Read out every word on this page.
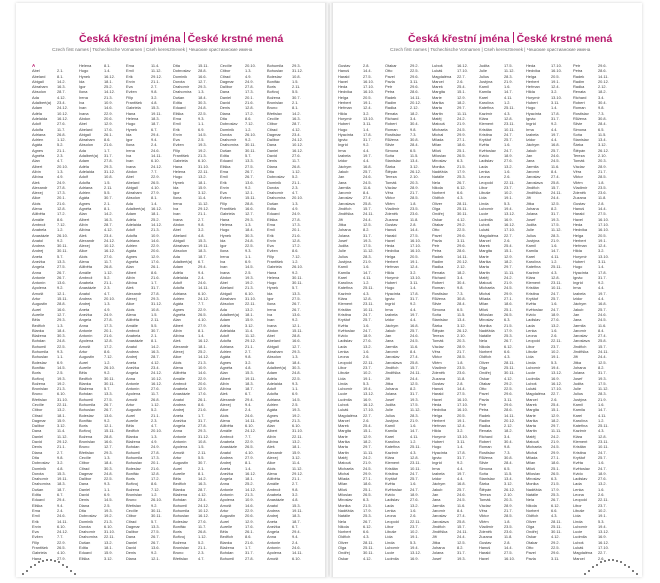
Česká křestní jména České krstné mená
Czech first names | Tschechische Vornamen | Cseh keresztnevek | Чешские христианские имена
A
Abel	2.1.
Abelard	8.1.
Abigail	14.2.
Abraham 16.3.
Absolon	28.7.
Ada	4.12.
Adalbert(a) 23.4.
Adam	24.12.
Adéla	10.12.
Adelaida	16.12.
Adolf	27.6.
Adolfa	11.7.
Adriana	26.8.
Adrien	1.12.
Agáta	5.2.
Agnes	21.1.
Agnéta	2.3.
Alan	4.7.
Albert	20.10.
Albín	1.3.
Albína	4.9.
Aleš	24.9.
Alexandr 27.8.
Alexej	17.3.
Alice	20.1.
Alois	21.6.
Alena	12.8.
Alžběta	17.2.
Amálie	8.6.
Ambrož	7.12.
Anabela	1.2.
Anastázie 26.10.
Anatol	9.2.
Andrea	30.11.
Andrej	30.11.
Aneta	5.7.
Anežka	13.3.
Angela	27.5.
Anna	26.7.
Antonie	26.7.
Antonín	13.6.
Apolena	9.2.
Arnošt	12.1.
Artur	15.11.
Augustin	28.8.
Aurel	16.6.
Aurelie	12.7.
Běla	29.3.
Bedřich	1.3.
Blanka	18.4.
Blažena	30.3.
Bohdan	24.8.
Bohumil	22.5.
Bohumila 9.3.
Bohuslav 1.1.
Boleslav	6.9.
Bonifác	14.5.
Boris	2.5.
Bořivoj	19.3.
Božena	19.2.
Bronislav 21.3.
Bruno	6.10.
Břetislav	31.10.
Cecílie	22.11.
Ctibor	13.2.
Ctirad	18.1.
Dagmar	15.9.
Dalibor	3.12.
Dana	11.4.
Daniel	11.12.
David	29.12.
Denis	21.1.
Diana	2.7.
Dita	9.8.
Dobroslav 3.2.
Dominik	4.8.
Dorota	15.3.
Drahomír 19.11.
Drahomíra 18.3.
Dušan	18.7.
Edita	6.7.
Eduard	29.4.
Eliška	9.4.
Ema	2.4.
Emil	24.6.
Erik	14.11.
Ervín	6.10.
Eva	24.12.
Evžen	7.7.
Filip	22.9.
František 26.5.
Gabriela	4.10.
Hana	27.9.
Helena	8.1.
Hugo	1.4.
Hynek	16.12.
Ida	18.1.
Igor	25.2.
Ilona	14.12.
Irena	21.3.
Iva	10.9.
Ivan	14.6.
Ivana	22.9.
Abdon	20.6.
Abel	12.9.
Abelard	17.6.
Abigail	26.1.
Abraham 8.6.
Absolon	21.6.
Ada	1.7.
Adalbert(a) 31.7.
Adam	27.8.
Adéla	29.3.
Adelaida	31.12.
Adolf	10.8.
Adolfa	1.5.
Adriana	2.11.
Adrien	5.5.
Agáta	30.7.
Agnes	2.1.
Agnéta	8.1.
Alan	14.2.
Albert	16.3.
Albín	28.7.
Albína	4.12.
Aleš	23.4.
Alexandr 24.12.
Alexej	10.12.
Alice	16.12.
Alois	27.6.
Alena	11.7.
Alžběta	26.8.
Amálie	1.12.
Ambrož	5.2.
Anabela	21.1.
Anastázie 2.3.
Anatol	4.7.
Andrea	20.10.
Andrej	1.3.
Aneta	4.9.
Anežka	24.9.
Angela	27.8.
Anna	17.3.
Antonie	20.1.
Antonín	21.6.
Apolena	12.8.
Arnošt	17.2.
Artur	8.6.
Augustin	7.12.
Aurel	1.2.
Aurelie	26.10.
Běla	9.2.
Bedřich	30.11.
Blanka	30.11.
Blažena	5.7.
Bohdan	13.3.
Bohumil	27.5.
Bohumila 26.7.
Bohuslav 26.7.
Boleslav	13.6.
Bonifác	9.2.
Boris	12.1.
Bořivoj	15.11.
Božena	28.8.
Bronislav 16.6.
Bruno	12.7.
Břetislav	29.3.
Cecílie	1.3.
Ctibor	18.4.
Ctirad	30.3.
Dagmar	24.8.
Dalibor	22.5.
Dana	9.3.
Daniel	1.1.
David	6.9.
Denis	14.5.
Diana	2.5.
Dita	19.3.
Dobroslav 19.2.
Dominik	21.3.
Dorota	6.10.
Drahomír 31.10.
Drahomíra 22.11.
Dušan	13.2.
Edita	18.1.
Eduard	15.9.
Eliška	3.12.
Ema	11.4.
Emil	11.12.
Erik	29.12.
Ervín	21.1.
Eva	2.7.
Evžen	9.8.
Filip	3.2.
František 4.8.
Gabriela	15.3.
Hana	19.11.
Helena	18.3.
Hugo	18.7.
Hynek	6.7.
Ida	29.4.
Igor	9.4.
Ilona	2.4.
Irena	24.6.
Iva	14.11.
Ivan	6.10.
Ivana	24.12.
Abdon	7.7.
Abel	22.9.
Abelard	26.5.
Abigail	4.10.
Abraham 27.9.
Absolon	8.1.
Ada	1.4.
Adalbert(a) 16.12.
Adam	18.1.
Adéla	25.2.
Adelaida	14.12.
Adolf	21.3.
Adolfa	10.9.
Adriana	14.6.
Adrien	22.9.
Agáta	20.6.
Agnes	12.9.
Agnéta	17.6.
Alan	26.1.
Albert	8.6.
Albín	21.6.
Albína	1.7.
Aleš	31.7.
Alexandr 27.8.
Alexej	29.3.
Alice	31.12.
Alois	10.8.
Alena	1.5.
Alžběta	2.11.
Amálie	5.5.
Ambrož	30.7.
Anabela	2.1.
Anastázie 8.1.
Anatol	14.2.
Andrea	16.3.
Andrej	28.7.
Aneta	4.12.
Anežka	23.4.
Angela	24.12.
Anna	10.12.
Antonie	16.12.
Antonín	27.6.
Apolena	11.7.
Arnošt	26.8.
Artur	1.12.
Augustin	5.2.
Aurel	21.1.
Aurelie	2.3.
Běla	4.7.
Bedřich	20.10.
Blanka	1.3.
Blažena	4.9.
Bohdan	24.9.
Bohumil	27.8.
Bohumila 17.3.
Bohuslav 20.1.
Boleslav	21.6.
Bonifác	12.8.
Boris	17.2.
Bořivoj	8.6.
Božena	7.12.
Bronislav 1.2.
Bruno	26.10.
Břetislav	9.2.
Cecílie	30.11.
Ctibor	30.11.
Ctirad	5.7.
Dagmar	13.3.
Dalibor	27.5.
Dana	26.7.
Daniel	26.7.
David	13.6.
Denis	9.2.
Diana	12.1.
Dita	15.11.
Dobroslav 28.8.
Dominik	16.6.
Dorota	12.7.
Drahomír 29.3.
Drahomíra 1.3.
Dušan	18.4.
Edita	30.3.
Eduard	24.8.
Eliška	22.5.
Ema	9.3.
Emil	1.1.
Erik	6.9.
Ervín	14.5.
Eva	2.5.
Evžen	19.3.
Filip	19.2.
František 21.3.
Gabriela	6.10.
Hana	31.10.
Helena	22.11.
Hugo	13.2.
Hynek	18.1.
Ida	15.9.
Igor	3.12.
Ilona	11.4.
Irena	11.12.
Iva	29.12.
Ivan	21.1.
Ivana	2.7.
Abdon	9.8.
Abel	3.2.
Abelard	4.8.
Abigail	15.3.
Abraham 19.11.
Absolon	18.3.
Ada	18.7.
Adalbert(a) 6.7.
Adam	29.4.
Adéla	9.4.
Adelaida	2.4.
Adolf	24.6.
Adolfa	14.11.
Adriana	6.10.
Adrien	24.12.
Agáta	7.7.
Agnes	22.9.
Agnéta	26.5.
Alan	4.10.
Albert	27.9.
Albín	8.1.
Albína	1.4.
Aleš	16.12.
Alexandr 18.1.
Alexej	25.2.
Alice	14.12.
Alois	21.3.
Alena	10.9.
Alžběta	14.6.
Amálie	22.9.
Ambrož	20.6.
Anabela	12.9.
Anastázie 17.6.
Anatol	26.1.
Andrea	8.6.
Andrej	21.6.
Aneta	1.7.
Anežka	31.7.
Angela	27.8.
Anna	29.3.
Antonie	31.12.
Antonín	10.8.
Apolena	1.5.
Arnošt	2.11.
Artur	5.5.
Augustin	30.7.
Aurel	2.1.
Aurelie	8.1.
Běla	14.2.
Bedřich	16.3.
Blanka	28.7.
Blažena	4.12.
Bohdan	23.4.
Bohumil	24.12.
Bohumila 10.12.
Bohuslav 16.12.
Boleslav	27.6.
Bonifác	11.7.
Boris	26.8.
Bořivoj	1.12.
Božena	5.2.
Bronislav 21.1.
Bruno	2.3.
Břetislav	4.7.
Cecílie	20.10.
Ctibor	1.3.
Ctirad	4.9.
Dagmar	24.9.
Dalibor	27.8.
Dana	17.3.
Daniel	20.1.
David	21.6.
Denis	12.8.
Diana	17.2.
Dita	8.6.
Dobroslav 7.12.
Dominik	1.2.
Dorota	26.10.
Drahomír 9.2.
Drahomíra 30.11.
Dušan	30.11.
Edita	5.7.
Eduard	13.3.
Eliška	27.5.
Ema	26.7.
Emil	26.7.
Erik	13.6.
Ervín	9.2.
Eva	12.1.
Evžen	15.11.
Filip	28.8.
František 16.6.
Gabriela	12.7.
Hana	29.3.
Helena	1.3.
Hugo	18.4.
Hynek	30.3.
Ida	24.8.
Igor	22.5.
Ilona	9.3.
Irena	1.1.
Iva	6.9.
Ivan	14.5.
Ivana	2.5.
Abdon	19.3.
Abel	19.2.
Abelard	21.3.
Abigail	6.10.
Abraham 31.10.
Absolon	22.11.
Ada	13.2.
Adalbert(a) 18.1.
Adam	15.9.
Adéla	3.12.
Adelaida	11.4.
Adolf	11.12.
Adolfa	29.12.
Adriana	21.1.
Adrien	2.7.
Agáta	9.8.
Agnes	3.2.
Agnéta	4.8.
Alan	15.3.
Albert	19.11.
Albín	18.3.
Albína	18.7.
Aleš	6.7.
Alexandr 29.4.
Alexej	9.4.
Alice	2.4.
Alois	24.6.
Alena	14.11.
Alžběta	6.10.
Amálie	24.12.
Ambrož	7.7.
Anabela	22.9.
Anastázie 26.5.
Anatol	4.10.
Andrea	27.9.
Andrej	8.1.
Aneta	1.4.
Anežka	16.12.
Angela	18.1.
Anna	25.2.
Antonie	14.12.
Antonín	21.3.
Apolena	10.9.
Arnošt	14.6.
Artur	22.9.
Augustin	20.6.
Aurel	12.9.
Aurelie	17.6.
Běla	26.1.
Bedřich	8.6.
Blanka	21.6.
Blažena	1.7.
Bohdan	31.7.
Bohumil	27.8.
Bohumila 29.3.
Bohuslav 31.12.
Boleslav	10.8.
Bonifác	1.5.
Boris	2.11.
Bořivoj	5.5.
Božena	30.7.
Bronislav 2.1.
Bruno	8.1.
Břetislav	14.2.
Cecílie	16.3.
Ctibor	28.7.
Ctirad	4.12.
Dagmar	23.4.
Dalibor	24.12.
Dana	10.12.
Daniel	16.12.
David	27.6.
Denis	11.7.
Diana	26.8.
Dita	1.12.
Dobroslav 5.2.
Dominik	21.1.
Dorota	2.3.
Drahomír 4.7.
Drahomíra 20.10.
Dušan	1.3.
Edita	4.9.
Eduard	24.9.
Eliška	27.8.
Ema	17.3.
Emil	20.1.
Erik	21.6.
Ervín	12.8.
Eva	17.2.
Evžen	8.6.
Filip	7.12.
František 1.2.
Gabriela	26.10.
Hana	9.2.
Helena	30.11.
Hugo	30.11.
Hynek	5.7.
Ida	13.3.
Igor	27.5.
Ilona	26.7.
Irena	26.7.
Iva	13.6.
Ivan	9.2.
Ivana	12.1.
Abdon	15.11.
Abel	28.8.
Abelard	16.6.
Abigail	12.7.
Abraham 29.3.
Absolon	1.3.
Ada	18.4.
Adalbert(a) 30.3.
Adam	24.8.
Adéla	22.5.
Adelaida	9.3.
Adolf	1.1.
Adolfa	6.9.
Adriana	14.5.
Adrien	2.5.
Agáta	19.3.
Agnes	19.2.
Agnéta	21.3.
Alan	6.10.
Albert	31.10.
Albín	22.11.
Albína	13.2.
Aleš	18.1.
Alexandr 15.9.
Alexej	3.12.
Alice	11.4.
Alois	11.12.
Alena	29.12.
Alžběta	21.1.
Amálie	2.7.
Ambrož	9.8.
Anabela	3.2.
Anastázie 4.8.
Anatol	15.3.
Andrea	19.11.
Andrej	18.3.
Aneta	18.7.
Anežka	6.7.
Angela	29.4.
Anna	9.4.
Antonie	2.4.
Antonín	24.6.
Apolena	14.11.
Arnošt	6.10.
Česká křestní jména České krstné mená
Czech first names | Tschechische Vornamen | Cseh keresztnevek | Чешские христианские имена
Gustav	2.8.
Hanuš	14.4.
Harald	27.5.
Havel	16.10.
Heda	17.10.
Hedvika	16.10.
Helga	20.5.
Herbert	19.1.
Heřman	12.4.
Hilda	3.2.
Horymír	13.10.
Hubert	3.11.
Hugo	1.4.
Hyacinta	17.8.
Ignác	31.7.
Ingrid	9.2.
Irma	4.4.
Izabela	19.7.
Izidor	4.4.
Jáchym	16.8.
Jakub	25.7.
Jan	24.6.
Jana	24.5.
Jarmila	11.6.
Jaromír	8.4.
Jaroslav	27.4.
Jaroslava 25.8.
Jindřich	15.7.
Jindřiška 24.11.
Jiří	24.4.
Jitka	12.5.
Johana	8.2.
Jolana	31.7.
Josef	19.3.
Judita	17.5.
Julie	11.12.
Julius	28.3.
Justýna	21.9.
Kamil	1.6.
Kamila	14.7.
Karel	4.11.
Karolína	1.2.
Kateřina	25.11.
Kazimír	4.3.
Klára	12.8.
Klement	23.11.
Kristián	10.11.
Kristina	24.7.
Kryštof	25.7.
Květa	1.6.
Květoslav 24.7.
Kvido	18.9.
Ladislav	27.6.
Lada	13.2.
Lenka	1.6.
Leona	2.6.
Leopold	22.11.
Libor	23.7.
Libuše	10.2.
Lída	19.1.
Linda	5.3.
Lubomír	19.4.
Lucie	13.12.
Ludmila	16.9.
Luboš	16.12.
Lukáš	17.10.
Magdaléna 22.7.
Marcel	2.6.
Marek	25.4.
Margita	15.1.
Marie	12.9.
Marika	18.2.
Marta	29.7.
Martin	11.11.
Matěj	24.2.
Matouš	21.9.
Michaela 24.5.
Michal	29.9.
Milada	27.1.
Milan	18.6.
Miloš	25.1.
Miloslav	26.5.
Miroslav	6.3.
Monika	21.5.
Naděžda 17.9.
Natálie	25.3.
Nela	26.7.
Nikola	6.12.
Norbert	6.6.
Oldřich	4.3.
Oliver	28.11.
Olga	25.11.
Ondřej	30.11.
Oskar	4.12.
Otakar	29.2.
Otto	22.5.
Pavel	29.6.
Pavla	3.11.
Petr	29.6.
Petra	28.6.
Radek	14.11.
Radim	20.12.
Radka	2.12.
Renata	18.2.
Richard	3.4.
Robert	30.4.
Roman	9.8.
Rostislav 7.3.
Růžena	30.8.
Silvie	28.4.
Simona	6.5.
Soňa	11.5.
Stanislav 13.4.
Šárka	3.12.
Štěpán	26.12.
Tereza	2.10.
Tomáš	20.3.
Václav	28.9.
Věra	21.7.
Viktor	28.5.
Vilém	1.8.
Vladimír	23.5.
Zdeněk	23.6.
Zuzana	11.8.
Gustav	2.8.
Hanuš	14.4.
Harald	27.5.
Havel	16.10.
Heda	17.10.
Hedvika	16.10.
Helga	20.5.
Herbert	19.1.
Heřman	12.4.
Hilda	3.2.
Horymír	13.10.
Hubert	3.11.
Hugo	1.4.
Hyacinta	17.8.
Ignác	31.7.
Ingrid	9.2.
Irma	4.4.
Izabela	19.7.
Izidor	4.4.
Jáchym	16.8.
Jakub	25.7.
Jan	24.6.
Jana	24.5.
Jarmila	11.6.
Jaromír	8.4.
Jaroslav	27.4.
Jaroslava 25.8.
Jindřich	15.7.
Jindřiška 24.11.
Jiří	24.4.
Jitka	12.5.
Johana	8.2.
Jolana	31.7.
Josef	19.3.
Judita	17.5.
Julie	11.12.
Julius	28.3.
Justýna	21.9.
Kamil	1.6.
Kamila	14.7.
Karel	4.11.
Karolína	1.2.
Kateřina	25.11.
Kazimír	4.3.
Klára	12.8.
Klement	23.11.
Kristián	10.11.
Kristina	24.7.
Kryštof	25.7.
Květa	1.6.
Květoslav 24.7.
Kvido	18.9.
Ladislav	27.6.
Lada	13.2.
Lenka	1.6.
Leona	2.6.
Leopold	22.11.
Libor	23.7.
Libuše	10.2.
Lída	19.1.
Linda	5.3.
Lubomír	19.4.
Lucie	13.12.
Ludmila	16.9.
Luboš	16.12.
Lukáš	17.10.
Magdaléna 22.7.
Marcel	2.6.
Marek	25.4.
Margita	15.1.
Marie	12.9.
Marika	18.2.
Marta	29.7.
Martin	11.11.
Matěj	24.2.
Matouš	21.9.
Michaela 24.5.
Michal	29.9.
Milada	27.1.
Milan	18.6.
Miloš	25.1.
Miloslav	26.5.
Miroslav	6.3.
Monika	21.5.
Naděžda 17.9.
Natálie	25.3.
Nela	26.7.
Nikola	6.12.
Norbert	6.6.
Oldřich	4.3.
Oliver	28.11.
Olga	25.11.
Ondřej	30.11.
Oskar	4.12.
Otakar	29.2.
Otto	22.5.
Pavel	29.6.
Pavla	3.11.
Petr	29.6.
Petra	28.6.
Radek	14.11.
Radim	20.12.
Radka	2.12.
Renata	18.2.
Richard	3.4.
Robert	30.4.
Roman	9.8.
Rostislav 7.3.
Růžena	30.8.
Silvie	28.4.
Simona	6.5.
Soňa	11.5.
Stanislav 13.4.
Šárka	3.12.
Štěpán	26.12.
Tereza	2.10.
Tomáš	20.3.
Václav	28.9.
Věra	21.7.
Viktor	28.5.
Vilém	1.8.
Vladimír	23.5.
Zdeněk	23.6.
Zuzana	11.8.
Gustav	2.8.
Hanuš	14.4.
Harald	27.5.
Havel	16.10.
Heda	17.10.
Hedvika	16.10.
Helga	20.5.
Herbert	19.1.
Heřman	12.4.
Hilda	3.2.
Horymír	13.10.
Hubert	3.11.
Hugo	1.4.
Hyacinta	17.8.
Ignác	31.7.
Ingrid	9.2.
Irma	4.4.
Izabela	19.7.
Izidor	4.4.
Jáchym	16.8.
Jakub	25.7.
Jan	24.6.
Jana	24.5.
Jarmila	11.6.
Jaromír	8.4.
Jaroslav	27.4.
Jaroslava 25.8.
Jindřich	15.7.
Jindřiška 24.11.
Jiří	24.4.
Jitka	12.5.
Johana	8.2.
Jolana	31.7.
Josef	19.3.
Judita	17.5.
Julie	11.12.
Julius	28.3.
Justýna	21.9.
Kamil	1.6.
Kamila	14.7.
Karel	4.11.
Karolína	1.2.
Kateřina	25.11.
Kazimír	4.3.
Klára	12.8.
Klement	23.11.
Kristián	10.11.
Kristina	24.7.
Kryštof	25.7.
Květa	1.6.
Květoslav 24.7.
Kvido	18.9.
Ladislav	27.6.
Lada	13.2.
Lenka	1.6.
Leona	2.6.
Leopold	22.11.
Libor	23.7.
Libuše	10.2.
Lída	19.1.
Linda	5.3.
Lubomír	19.4.
Lucie	13.12.
Ludmila	16.9.
Luboš	16.12.
Lukáš	17.10.
Magdaléna 22.7.
Marcel	2.6.
Marek	25.4.
Margita	15.1.
Marie	12.9.
Marika	18.2.
Marta	29.7.
Martin	11.11.
Matěj	24.2.
Matouš	21.9.
Michaela 24.5.
Michal	29.9.
Milada	27.1.
Milan	18.6.
Miloš	25.1.
Miloslav	26.5.
Miroslav	6.3.
Monika	21.5.
Naděžda 17.9.
Natálie	25.3.
Nela	26.7.
Nikola	6.12.
Norbert	6.6.
Oldřich	4.3.
Oliver	28.11.
Olga	25.11.
Ondřej	30.11.
Oskar	4.12.
Otakar	29.2.
Otto	22.5.
Pavel	29.6.
Pavla	3.11.
Petr	29.6.
Petra	28.6.
Radek	14.11.
Radim	20.12.
Radka	2.12.
Renata	18.2.
Richard	3.4.
Robert	30.4.
Roman	9.8.
Rostislav 7.3.
Růžena	30.8.
Silvie	28.4.
Simona	6.5.
Soňa	11.5.
Stanislav 13.4.
Šárka	3.12.
Štěpán	26.12.
Tereza	2.10.
Tomáš	20.3.
Václav	28.9.
Věra	21.7.
Viktor	28.5.
Vilém	1.8.
Vladimír	23.5.
Zdeněk	23.6.
Zuzana	11.8.
Gustav	2.8.
Hanuš	14.4.
Harald	27.5.
Havel	16.10.
Heda	17.10.
Hedvika	16.10.
Helga	20.5.
Herbert	19.1.
Heřman	12.4.
Hilda	3.2.
Horymír	13.10.
Hubert	3.11.
Hugo	1.4.
Hyacinta	17.8.
Ignác	31.7.
Ingrid	9.2.
Irma	4.4.
Izabela	19.7.
Izidor	4.4.
Jáchym	16.8.
Jakub	25.7.
Jan	24.6.
Jana	24.5.
Jarmila	11.6.
Jaromír	8.4.
Jaroslav	27.4.
Jaroslava 25.8.
Jindřich	15.7.
Jindřiška 24.11.
Jiří	24.4.
Jitka	12.5.
Johana	8.2.
Jolana	31.7.
Josef	19.3.
Judita	17.5.
Julie	11.12.
Julius	28.3.
Justýna	21.9.
Kamil	1.6.
Kamila	14.7.
Karel	4.11.
Karolína	1.2.
Kateřina	25.11.
Kazimír	4.3.
Klára	12.8.
Klement	23.11.
Kristián	10.11.
Kristina	24.7.
Kryštof	25.7.
Květa	1.6.
Květoslav 24.7.
Kvido	18.9.
Ladislav	27.6.
Lada	13.2.
Lenka	1.6.
Leona	2.6.
Leopold	22.11.
Libor	23.7.
Libuše	10.2.
Lída	19.1.
Linda	5.3.
Lubomír	19.4.
Lucie	13.12.
Ludmila	16.9.
Luboš	16.12.
Lukáš	17.10.
Magdaléna 22.7.
Marcel	2.6.
Marek	25.4.
Margita	15.1.
Marie	12.9.
Marika	18.2.
Marta	29.7.
Martin	11.11.
Matěj	24.2.
Matouš	21.9.
Michaela 24.5.
Michal	29.9.
Milada	27.1.
Milan	18.6.
Miloš	25.1.
Miloslav	26.5.
Miroslav	6.3.
Monika	21.5.
Naděžda 17.9.
Natálie	25.3.
Nela	26.7.
Nikola	6.12.
Norbert	6.6.
Oldřich	4.3.
Oliver	28.11.
Olga	25.11.
Ondřej	30.11.
Oskar	4.12.
Otakar	29.2.
Otto	22.5.
Pavel	29.6.
Pavla	3.11.
Petr	29.6.
Petra	28.6.
Radek	14.11.
Radim	20.12.
Radka	2.12.
Renata	18.2.
Richard	3.4.
Robert	30.4.
Roman	9.8.
Rostislav 7.3.
Růžena	30.8.
Silvie	28.4.
Simona	6.5.
Soňa	11.5.
Stanislav 13.4.
Šárka	3.12.
Štěpán	26.12.
Tereza	2.10.
Tomáš	20.3.
Václav	28.9.
Věra	21.7.
Viktor	28.5.
Vilém	1.8.
Vladimír	23.5.
Zdeněk	23.6.
Zuzana	11.8.
Gustav	2.8.
Hanuš	14.4.
Harald	27.5.
Havel	16.10.
Heda	17.10.
Hedvika	16.10.
Helga	20.5.
Herbert	19.1.
Heřman	12.4.
Hilda	3.2.
Horymír	13.10.
Hubert	3.11.
Hugo	1.4.
Hyacinta	17.8.
Ignác	31.7.
Ingrid	9.2.
Irma	4.4.
Izabela	19.7.
Izidor	4.4.
Jáchym	16.8.
Jakub	25.7.
Jan	24.6.
Jana	24.5.
Jarmila	11.6.
Jaromír	8.4.
Jaroslav	27.4.
Jaroslava 25.8.
Jindřich	15.7.
Jindřiška 24.11.
Jiří	24.4.
Jitka	12.5.
Johana	8.2.
Jolana	31.7.
Josef	19.3.
Judita	17.5.
Julie	11.12.
Julius	28.3.
Justýna	21.9.
Kamil	1.6.
Kamila	14.7.
Karel	4.11.
Karolína	1.2.
Kateřina	25.11.
Kazimír	4.3.
Klára	12.8.
Klement	23.11.
Kristián	10.11.
Kristina	24.7.
Kryštof	25.7.
Květa	1.6.
Květoslav 24.7.
Kvido	18.9.
Ladislav	27.6.
Lada	13.2.
Lenka	1.6.
Leona	2.6.
Leopold	22.11.
Libor	23.7.
Libuše	10.2.
Lída	19.1.
Linda	5.3.
Lubomír	19.4.
Lucie	13.12.
Ludmila	16.9.
Luboš	16.12.
Lukáš	17.10.
Magdaléna 22.7.
Marcel	2.6.
